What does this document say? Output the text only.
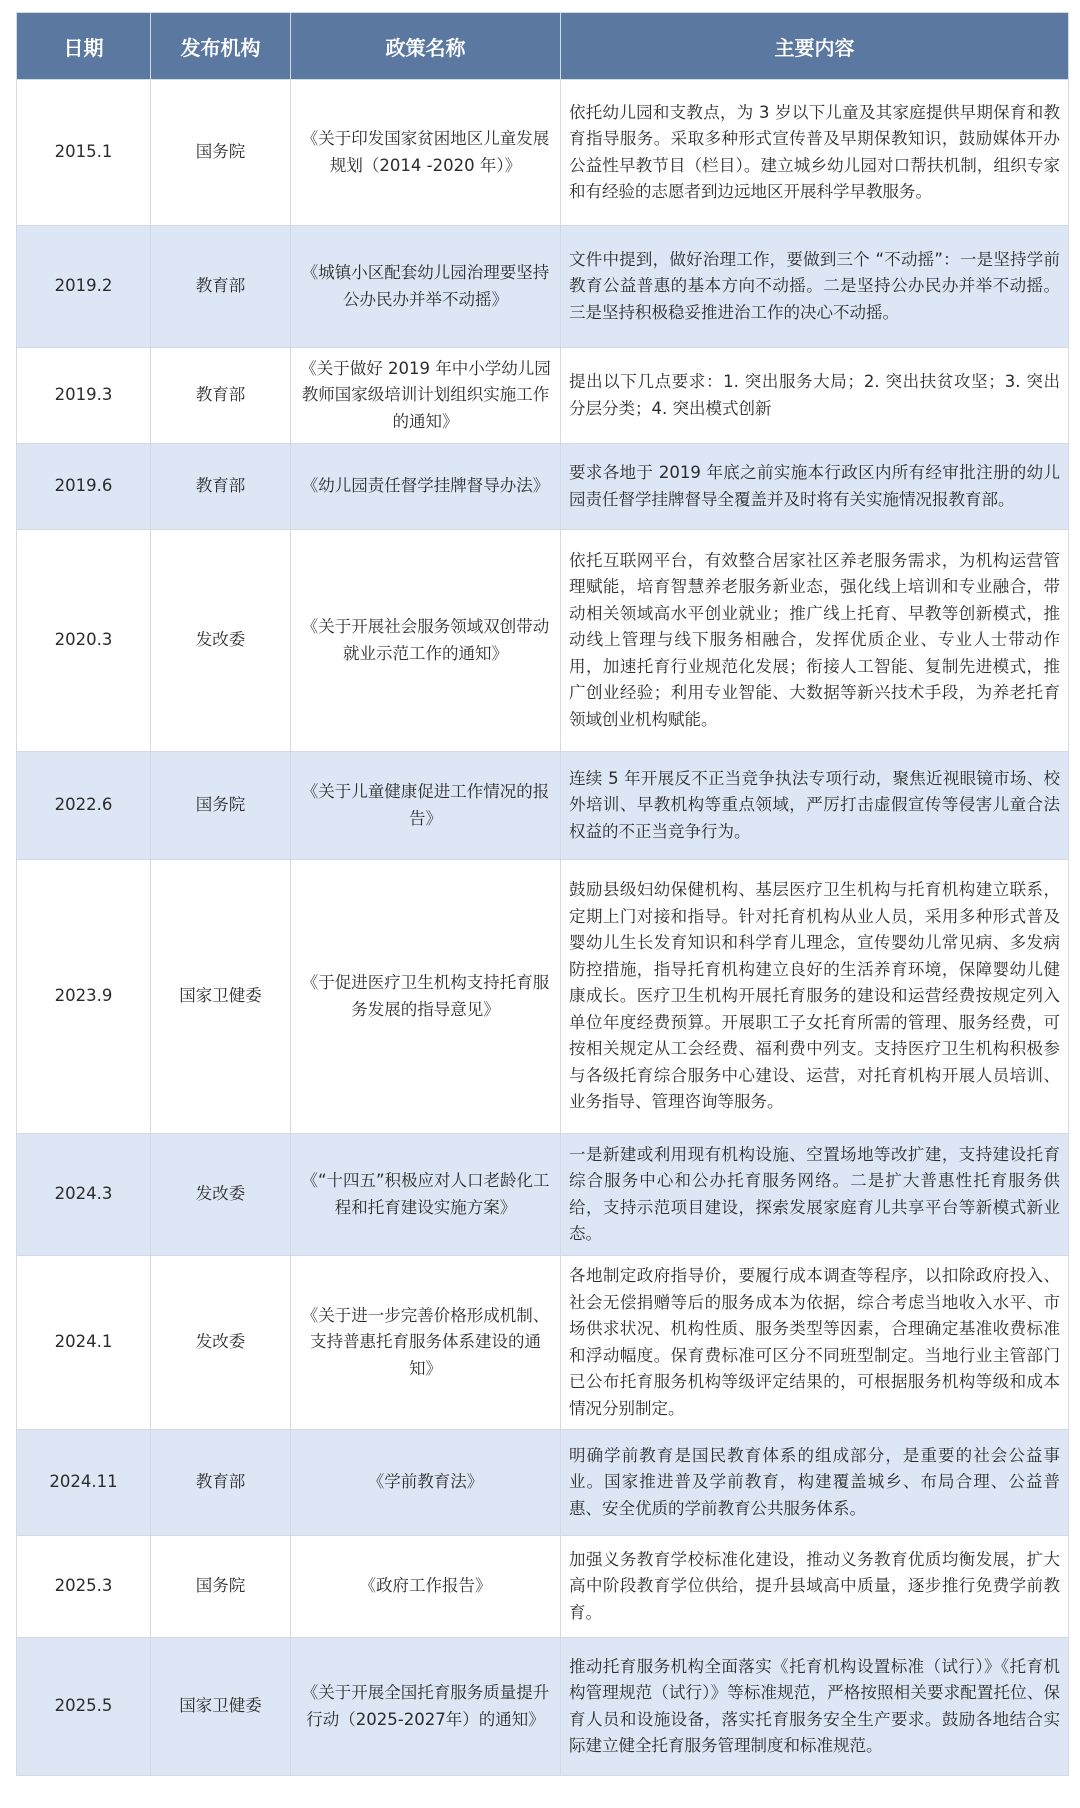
日期	发布机构	政策名称	主要内容
2015.1	国务院	《关于印发国家贫困地区儿童发展规划（2014 -2020 年）》	依托幼儿园和支教点，为 3 岁以下儿童及其家庭提供早期保育和教育指导服务。采取多种形式宣传普及早期保教知识，鼓励媒体开办公益性早教节目（栏目）。建立城乡幼儿园对口帮扶机制，组织专家和有经验的志愿者到边远地区开展科学早教服务。
2019.2	教育部	《城镇小区配套幼儿园治理要坚持公办民办并举不动摇》	文件中提到，做好治理工作，要做到三个 “不动摇”：一是坚持学前教育公益普惠的基本方向不动摇。二是坚持公办民办并举不动摇。三是坚持积极稳妥推进治工作的决心不动摇。
2019.3	教育部	《关于做好 2019 年中小学幼儿园教师国家级培训计划组织实施工作的通知》	提出以下几点要求：1. 突出服务大局；2. 突出扶贫攻坚；3. 突出分层分类；4. 突出模式创新
2019.6	教育部	《幼儿园责任督学挂牌督导办法》	要求各地于 2019 年底之前实施本行政区内所有经审批注册的幼儿园责任督学挂牌督导全覆盖并及时将有关实施情况报教育部。
2020.3	发改委	《关于开展社会服务领域双创带动就业示范工作的通知》	依托互联网平台，有效整合居家社区养老服务需求，为机构运营管理赋能，培育智慧养老服务新业态，强化线上培训和专业融合，带动相关领域高水平创业就业；推广线上托育、早教等创新模式，推动线上管理与线下服务相融合，发挥优质企业、专业人士带动作用，加速托育行业规范化发展；衔接人工智能、复制先进模式，推广创业经验；利用专业智能、大数据等新兴技术手段，为养老托育领域创业机构赋能。
2022.6	国务院	《关于儿童健康促进工作情况的报告》	连续 5 年开展反不正当竞争执法专项行动，聚焦近视眼镜市场、校外培训、早教机构等重点领域，严厉打击虚假宣传等侵害儿童合法权益的不正当竞争行为。
2023.9	国家卫健委	《于促进医疗卫生机构支持托育服务发展的指导意见》	鼓励县级妇幼保健机构、基层医疗卫生机构与托育机构建立联系，定期上门对接和指导。针对托育机构从业人员，采用多种形式普及婴幼儿生长发育知识和科学育儿理念，宣传婴幼儿常见病、多发病防控措施，指导托育机构建立良好的生活养育环境，保障婴幼儿健康成长。医疗卫生机构开展托育服务的建设和运营经费按规定列入单位年度经费预算。开展职工子女托育所需的管理、服务经费，可按相关规定从工会经费、福利费中列支。支持医疗卫生机构积极参与各级托育综合服务中心建设、运营，对托育机构开展人员培训、业务指导、管理咨询等服务。
2024.3	发改委	《“十四五”积极应对人口老龄化工程和托育建设实施方案》	一是新建或利用现有机构设施、空置场地等改扩建，支持建设托育综合服务中心和公办托育服务网络。二是扩大普惠性托育服务供给，支持示范项目建设，探索发展家庭育儿共享平台等新模式新业态。
2024.1	发改委	《关于进一步完善价格形成机制、支持普惠托育服务体系建设的通知》	各地制定政府指导价，要履行成本调查等程序，以扣除政府投入、社会无偿捐赠等后的服务成本为依据，综合考虑当地收入水平、市场供求状况、机构性质、服务类型等因素，合理确定基准收费标准和浮动幅度。保育费标准可区分不同班型制定。当地行业主管部门已公布托育服务机构等级评定结果的，可根据服务机构等级和成本情况分别制定。
2024.11	教育部	《学前教育法》	明确学前教育是国民教育体系的组成部分，是重要的社会公益事业。国家推进普及学前教育，构建覆盖城乡、布局合理、公益普惠、安全优质的学前教育公共服务体系。
2025.3	国务院	《政府工作报告》	加强义务教育学校标准化建设，推动义务教育优质均衡发展，扩大高中阶段教育学位供给，提升县域高中质量，逐步推行免费学前教育。
2025.5	国家卫健委	《关于开展全国托育服务质量提升行动（2025-2027年）的通知》	推动托育服务机构全面落实《托育机构设置标准（试行）》《托育机构管理规范（试行）》等标准规范，严格按照相关要求配置托位、保育人员和设施设备，落实托育服务安全生产要求。鼓励各地结合实际建立健全托育服务管理制度和标准规范。
